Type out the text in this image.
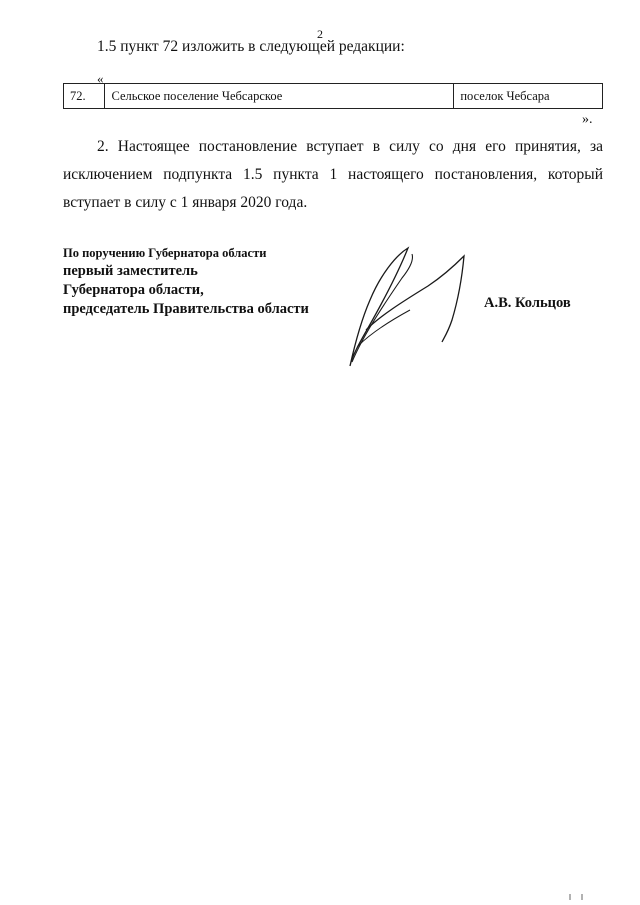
2
1.5 пункт 72 изложить в следующей редакции:
«
72.	Сельское поселение Чебсарское	поселок Чебсара
».

2. Настоящее постановление вступает в силу со дня его принятия, за исключением подпункта 1.5 пункта 1 настоящего постановления, который вступает в силу с 1 января 2020 года.

По поручению Губернатора области
первый заместитель
Губернатора области,
председатель Правительства области	А.В. Кольцов
